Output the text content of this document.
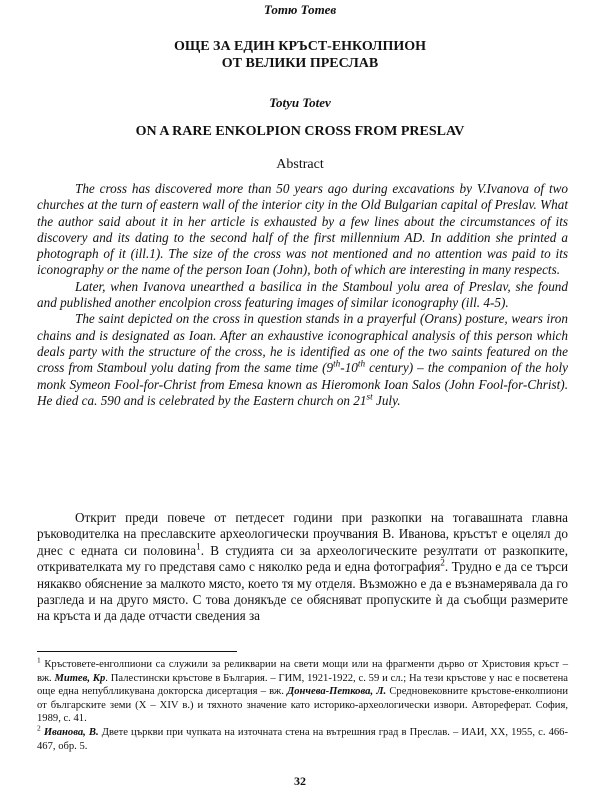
Тотю Тотев
ОЩЕ ЗА ЕДИН КРЪСТ-ЕНКОЛПИОН
ОТ ВЕЛИКИ ПРЕСЛАВ
Totyu Totev
ON A RARE ENKOLPION CROSS FROM PRESLAV
Abstract

The cross has discovered more than 50 years ago during excavations by V.Ivanova of two churches at the turn of eastern wall of the interior city in the Old Bulgarian capital of Preslav. What the author said about it in her article is exhausted by a few lines about the circumstances of its discovery and its dating to the second half of the first millennium AD. In addition she printed a photograph of it (ill.1). The size of the cross was not mentioned and no attention was paid to its iconography or the name of the person Ioan (John), both of which are interesting in many respects.

Later, when Ivanova unearthed a basilica in the Stamboul yolu area of Preslav, she found and published another encolpion cross featuring images of similar iconography (ill. 4-5).

The saint depicted on the cross in question stands in a prayerful (Orans) posture, wears iron chains and is designated as Ioan. After an exhaustive iconographical analysis of this person which deals party with the structure of the cross, he is identified as one of the two saints featured on the cross from Stamboul yolu dating from the same time (9th-10th century) – the companion of the holy monk Symeon Fool-for-Christ from Emesa known as Hieromonk Ioan Salos (John Fool-for-Christ). He died ca. 590 and is celebrated by the Eastern church on 21st July.

Открит преди повече от петдесет години при разкопки на тогавашната главна ръководителка на преславските археологически проучвания В. Иванова, кръстът е оцелял до днес с едната си половина$^1$. В студията си за археологическите резултати от разкопките, откривателката му го представя само с няколко реда и една фотография$^2$. Трудно е да се търси някакво обяснение за малкото място, което тя му отделя. Възможно е да е възнамерявала да го разгледа и на друго място. С това донякъде се обясняват пропуските ѝ да съобщи размерите на кръста и да даде отчасти сведения за

$^1$ Кръстовете-енголпиони са служили за реликварии на свети мощи или на фрагменти дърво от Христовия кръст – вж. Митев, Кр. Палестински кръстове в България. – ГИМ, 1921-1922, с. 59 и сл.; На тези кръстове у нас е посветена още една непублликувана докторска дисертация – вж. Дончева-Петкова, Л. Средновековните кръстове-енколпиони от българските земи (X – XIV в.) и тяхното значение като историко-археологически извори. Автореферат. София, 1989, с. 41.

$^2$ Иванова, В. Двете църкви при чупката на източната стена на вътрешния град в Преслав. – ИАИ, XX, 1955, с. 466-467, обр. 5.

32
